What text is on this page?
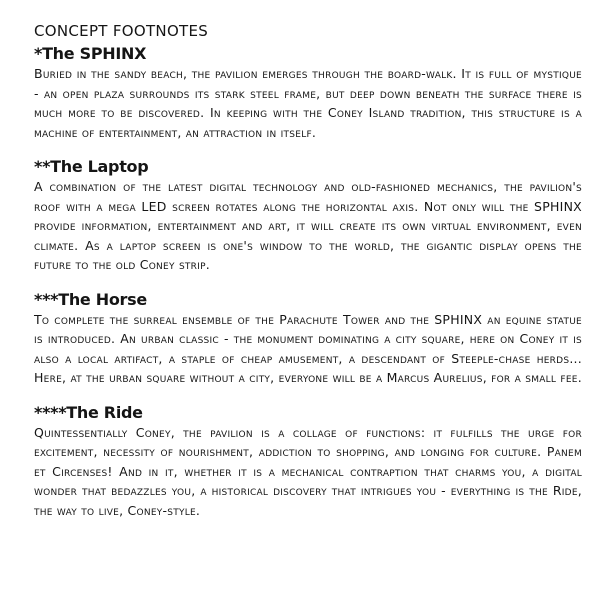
CONCEPT FOOTNOTES
*The SPHINX
Buried in the sandy beach, the pavilion emerges through the board-walk. It is full of mystique - an open plaza surrounds its stark steel frame, but deep down beneath the surface there is much more to be discovered. In keeping with the Coney Island tradition, this structure is a machine of entertainment, an attraction in itself.
**The Laptop
A combination of the latest digital technology and old-fashioned mechanics, the pavilion's roof with a mega LED screen rotates along the horizontal axis. Not only will the SPHINX provide information, entertainment and art, it will create its own virtual environment, even climate. As a laptop screen is one's window to the world, the gigantic display opens the future to the old Coney strip.
***The Horse
To complete the surreal ensemble of the Parachute Tower and the SPHINX an equine statue is introduced. An urban classic - the monument dominating a city square, here on Coney it is also a local artifact, a staple of cheap amusement, a descendant of Steeple-chase herds... Here, at the urban square without a city, everyone will be a Marcus Aurelius, for a small fee.
****The Ride
Quintessentially Coney, the pavilion is a collage of functions: it fulfills the urge for excitement, necessity of nourishment, addiction to shopping, and longing for culture. Panem et Circenses! And in it, whether it is a mechanical contraption that charms you, a digital wonder that bedazzles you, a historical discovery that intrigues you - everything is the Ride, the way to live, Coney-style.
